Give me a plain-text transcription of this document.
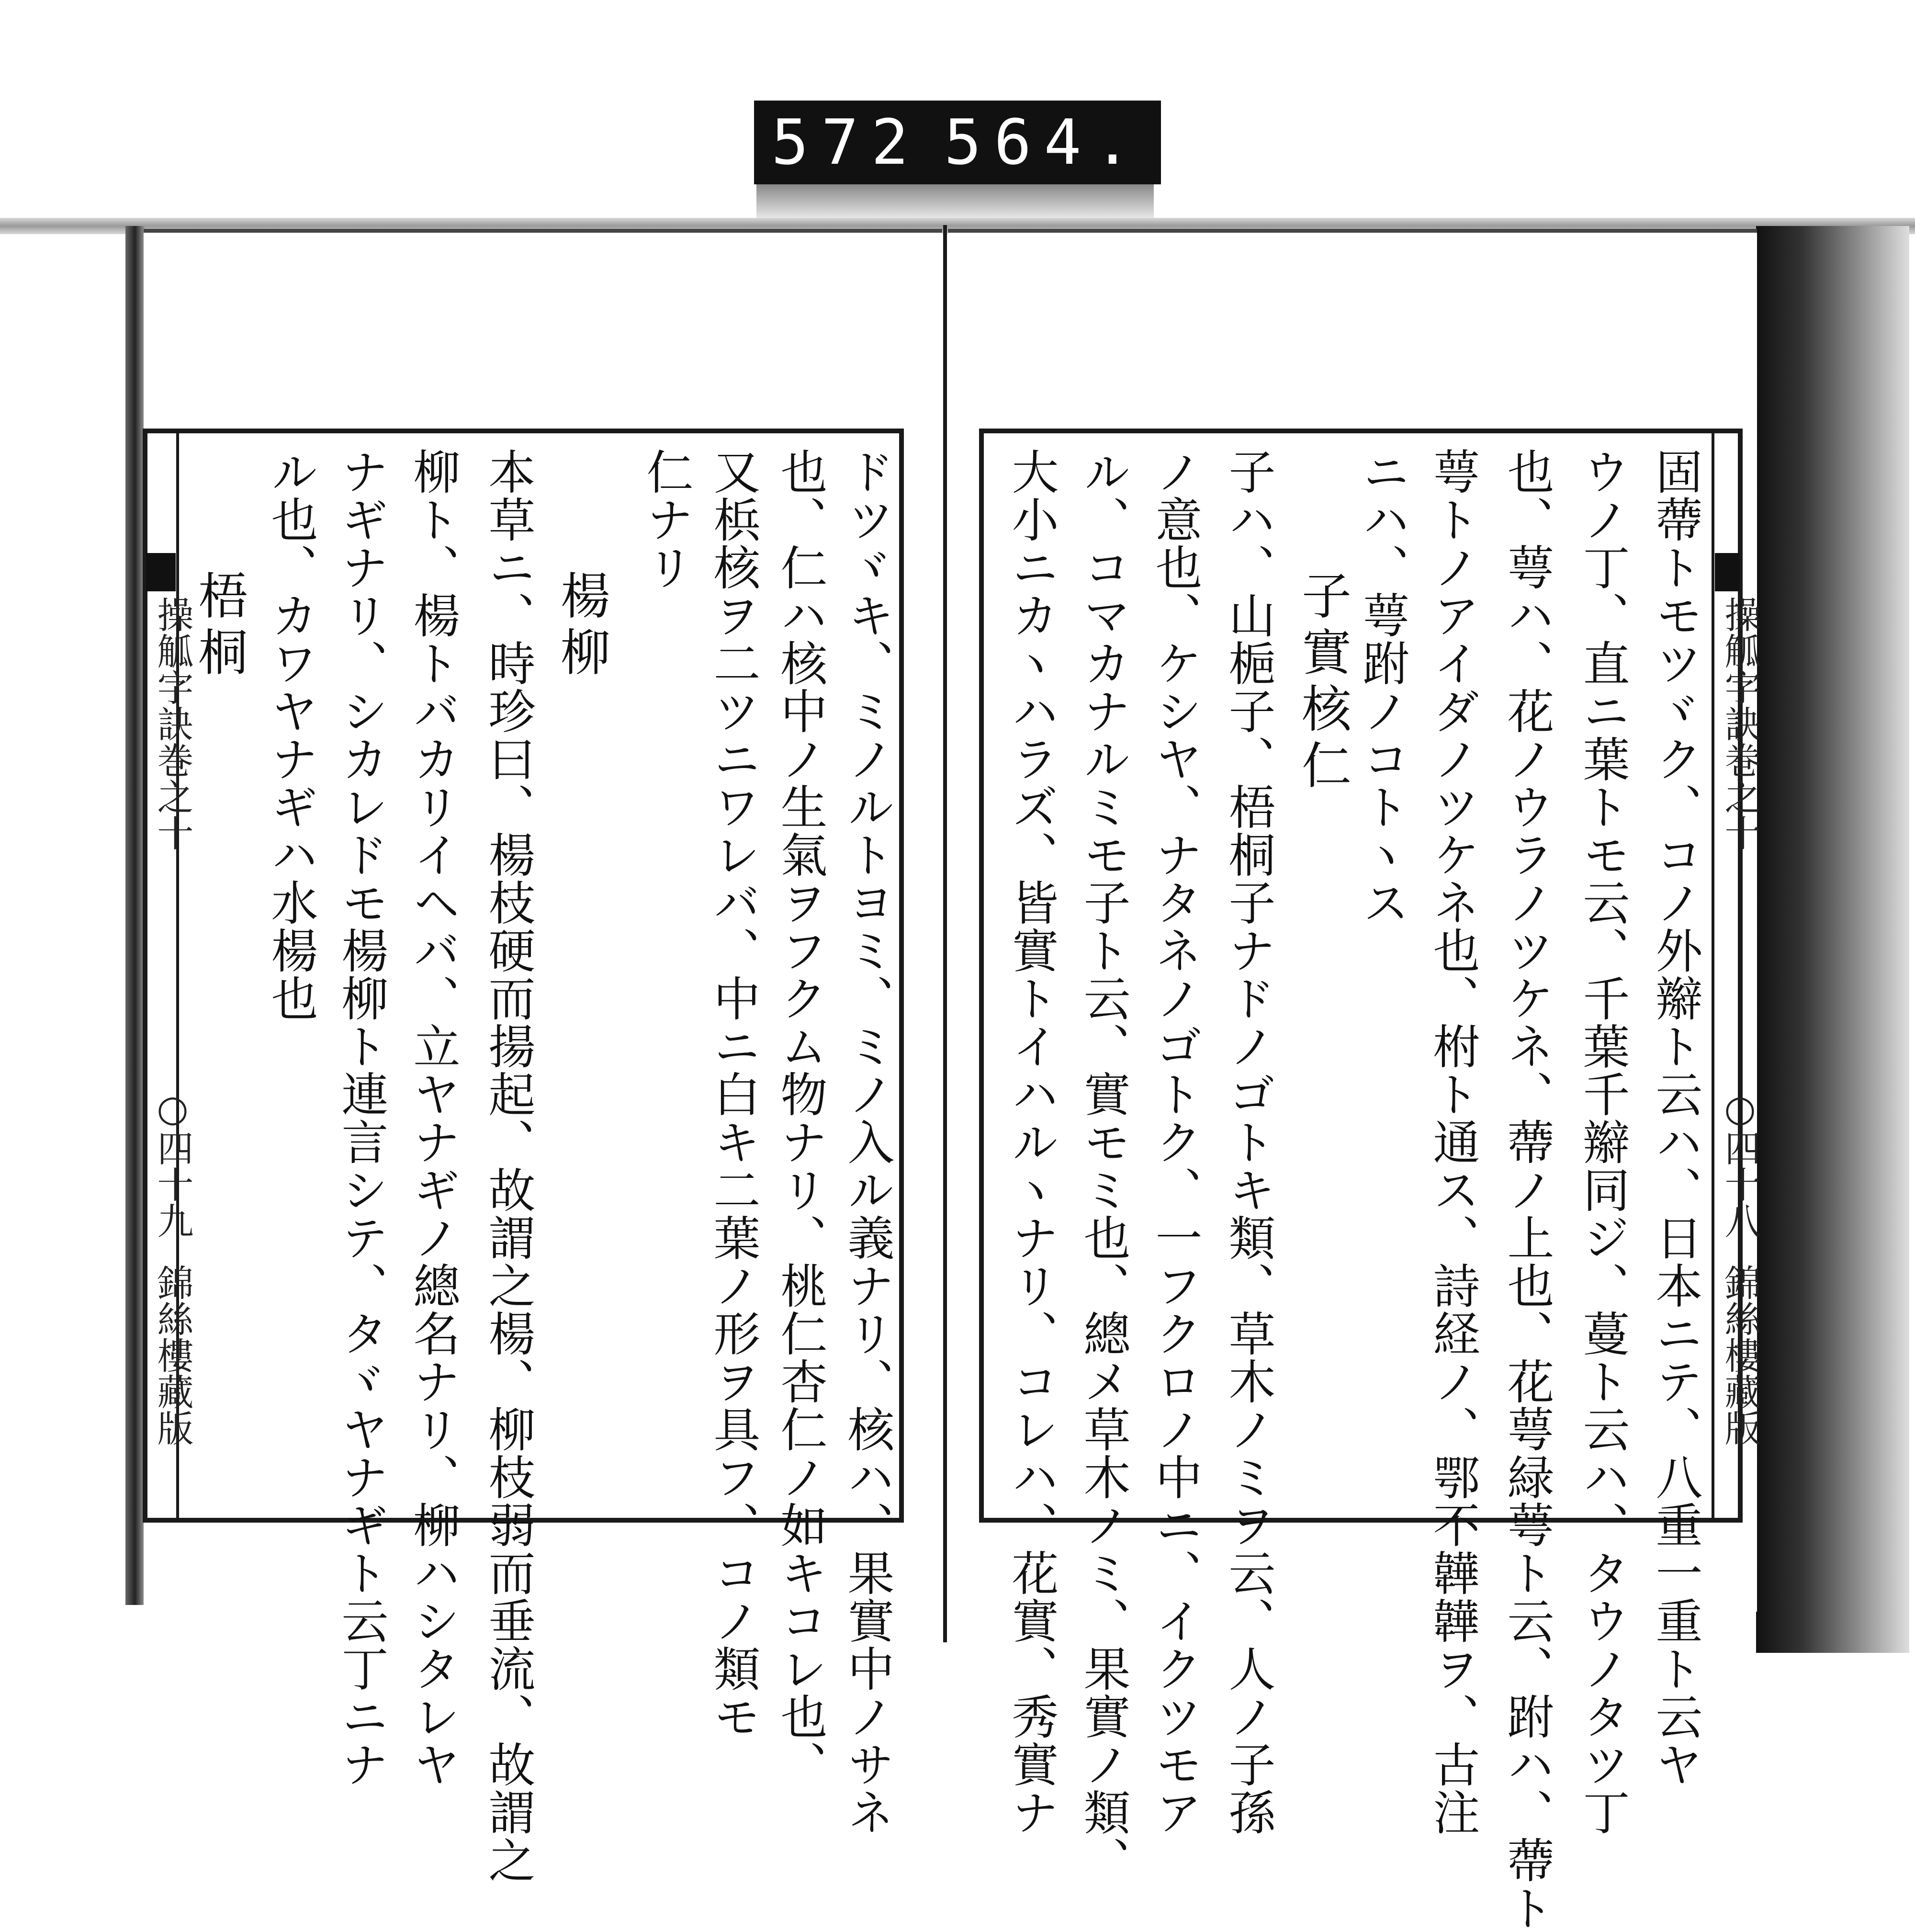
572 564.
操觚字訣巻之十
○四十九
錦絲樓藏版	ドツヾキ、ミノルトヨミ、ミノ入ル義ナリ、核ハ、果實中ノサネ
也、仁ハ核中ノ生氣ヲフクム物ナリ、桃仁杏仁ノ如キコレ也、
又梹核ヲ二ツニワレバ、中ニ白キ二葉ノ形ヲ具フ、コノ類モ
仁ナリ
楊柳
本草ニ、時珍曰、楊枝硬而揚起、故謂之楊、柳枝弱而垂流、故謂之
柳ト、楊トバカリイヘバ、立ヤナギノ總名ナリ、柳ハシタレヤ
ナギナリ、シカレドモ楊柳ト連言シテ、タヾヤナギト云丁ニナ
ル也、カワヤナギハ水楊也
梧桐	操觚字訣巻之十
○四十八
錦絲樓藏版
固蔕トモツヾク、コノ外辮ト云ハ、日本ニテ、八重一重ト云ヤ
ウノ丁、直ニ葉トモ云、千葉千辮同ジ、蔓ト云ハ、タウノタツ丁
也、萼ハ、花ノウラノツケネ、蔕ノ上也、花萼緑萼ト云、跗ハ、蔕ト
萼トノアイダノツケネ也、柎ト通ス、詩経ノ、鄂不韡韡ヲ、古注
ニハ、萼跗ノコトヽス
子實核仁
子ハ、山梔子、梧桐子ナドノゴトキ類、草木ノミヲ云、人ノ子孫
ノ意也、ケシヤ、ナタネノゴトク、一フクロノ中ニ、イクツモア
ル、コマカナルミモ子ト云、實モミ也、總メ草木ノミ、果實ノ類、
大小ニカヽハラズ、皆實トイハルヽナリ、コレハ、花實、秀實ナ
